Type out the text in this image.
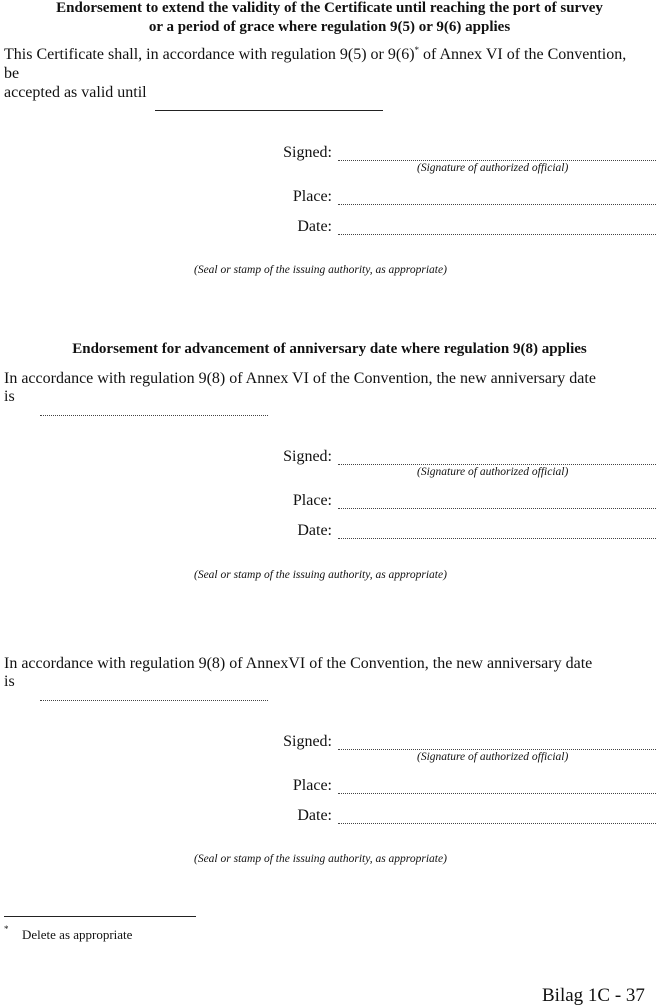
Endorsement to extend the validity of the Certificate until reaching the port of survey
or a period of grace where regulation 9(5) or 9(6) applies
This Certificate shall, in accordance with regulation 9(5) or 9(6)* of Annex VI of the Convention,
be
accepted as valid until
Signed:
(Signature of authorized official)
Place:
Date:
(Seal or stamp of the issuing authority, as appropriate)
Endorsement for advancement of anniversary date where regulation 9(8) applies
In accordance with regulation 9(8) of Annex VI of the Convention, the new anniversary date
is
Signed:
(Signature of authorized official)
Place:
Date:
(Seal or stamp of the issuing authority, as appropriate)
In accordance with regulation 9(8) of AnnexVI of the Convention, the new anniversary date
is
Signed:
(Signature of authorized official)
Place:
Date:
(Seal or stamp of the issuing authority, as appropriate)
* Delete as appropriate
Bilag 1C - 37
